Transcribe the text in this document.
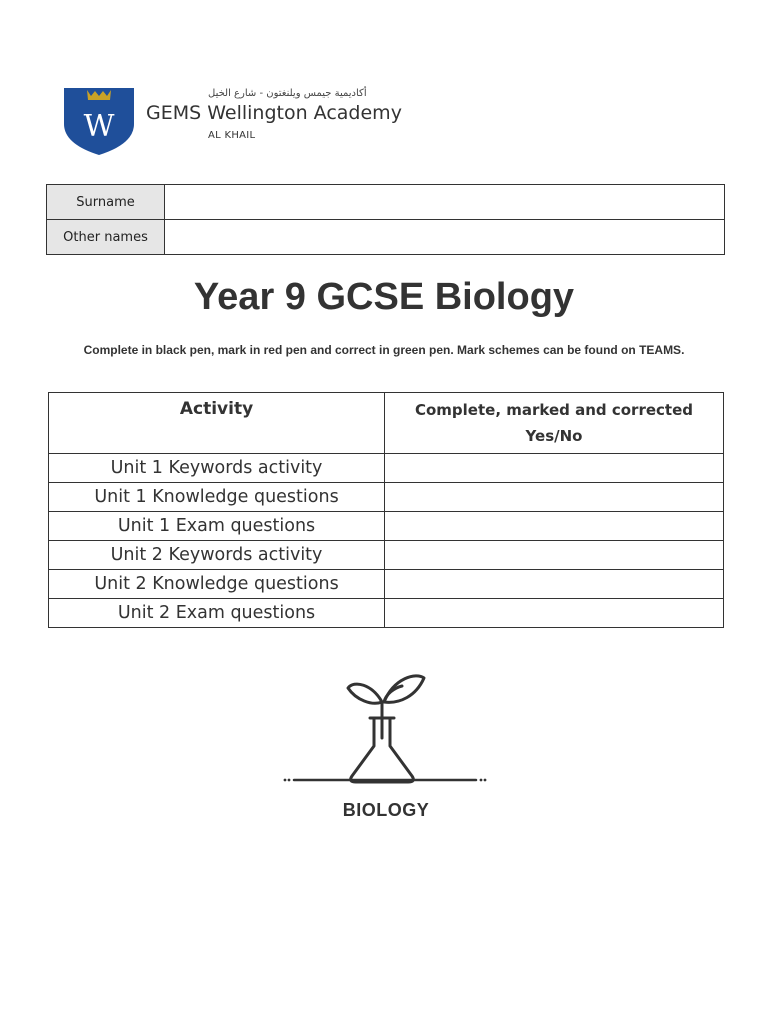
W
أكاديمية جيمس ويلنغتون - شارع الخيل
GEMS Wellington Academy
AL KHAIL
Surname	
Other names	
Year 9 GCSE Biology
Complete in black pen, mark in red pen and correct in green pen. Mark schemes can be found on TEAMS.
Activity	Complete, marked and corrected Yes/No
Unit 1 Keywords activity	
Unit 1 Knowledge questions	
Unit 1 Exam questions	
Unit 2 Keywords activity	
Unit 2 Knowledge questions	
Unit 2 Exam questions	
BIOLOGY
